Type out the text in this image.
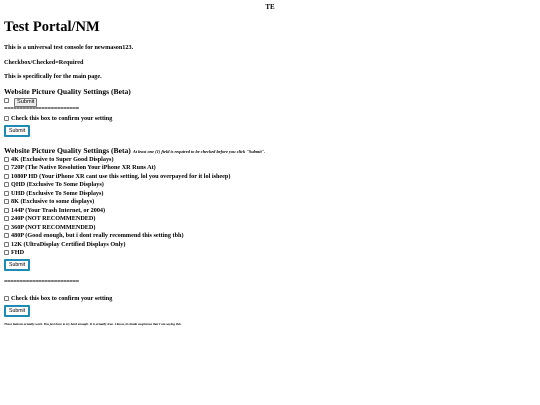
TE
Test Portal/NM
This is a universal test console for newmason123.
Checkbox/Checked=Required
This is specifically for the main page.
Website Picture Quality Settings (Beta)
Submit
========================
Check this box to confirm your setting
Submit
Website Picture Quality Settings (Beta) At least one (1) field is required to be checked before you click "Submit".
4K (Exclusive to Super Good Displays)
720P (The Native Resolution Your iPhone XR Runs At)
1080P HD (Your iPhone XR cant use this setting, lol you overpayed for it lol isheep)
QHD (Exclusive To Some Displays)
UHD (Exclusive To Some Displays)
8K (Exclusive to some displays)
144P (Your Trash Internet, or 2004)
240P (NOT RECOMMENDED)
360P (NOT RECOMMENDED)
480P (Good enough, but i dont really recommend this setting tbh)
12K (UltraDisplay Certified Displays Only)
FHD
Submit
========================
Check this box to confirm your setting
Submit
These buttons actually work. You just have to try hard enough. It is actually true. I know, its kinda suspicious that I am saying this.
